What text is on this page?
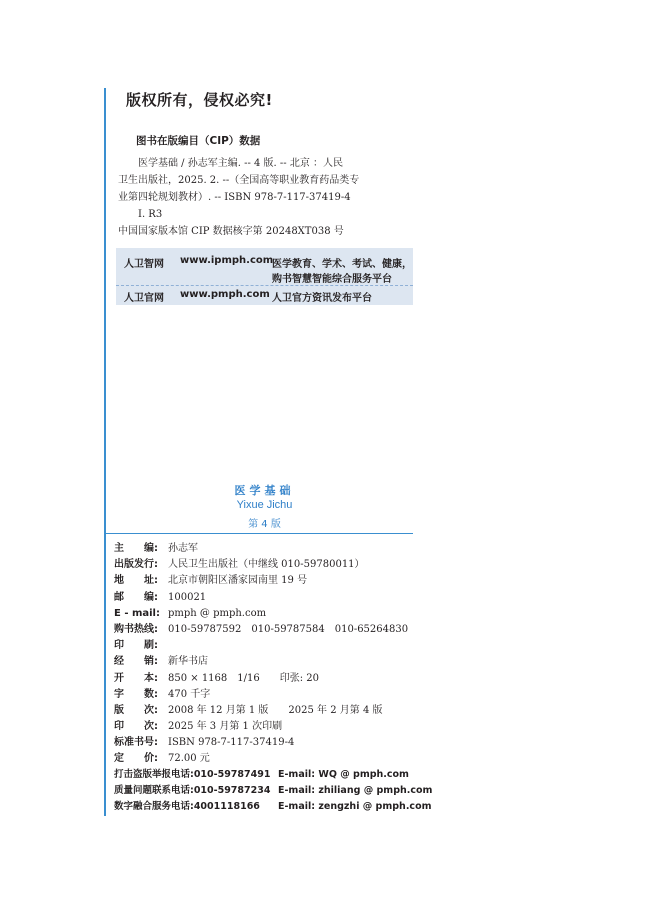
版权所有，侵权必究!
图书在版编目（CIP）数据
医学基础 / 孙志军主编. -- 4 版. -- 北京 ：人民
卫生出版社，2025. 2. --（全国高等职业教育药品类专
业第四轮规划教材）. -- ISBN 978-7-117-37419-4
Ⅰ. R3
中国国家版本馆 CIP 数据核字第 20248XT038 号
人卫智网 www.ipmph.com
医学教育、学术、考试、健康，
购书智慧智能综合服务平台
人卫官网 www.pmph.com 人卫官方资讯发布平台
医学基础
Yixue Jichu
第 4 版
主　　编: 孙志军
出版发行: 人民卫生出版社（中继线 010-59780011）
地　　址: 北京市朝阳区潘家园南里 19 号
邮　　编: 100021
E - mail: pmph @ pmph.com
购书热线: 010-59787592　010-59787584　010-65264830
印　　刷:
经　　销: 新华书店
开　　本: 850 × 1168　1/16　　印张: 20
字　　数: 470 千字
版　　次: 2008 年 12 月第 1 版　　2025 年 2 月第 4 版
印　　次: 2025 年 3 月第 1 次印刷
标准书号: ISBN 978-7-117-37419-4
定　　价: 72.00 元
打击盗版举报电话:010-59787491 E-mail: WQ @ pmph.com
质量问题联系电话:010-59787234 E-mail: zhiliang @ pmph.com
数字融合服务电话:4001118166 E-mail: zengzhi @ pmph.com
